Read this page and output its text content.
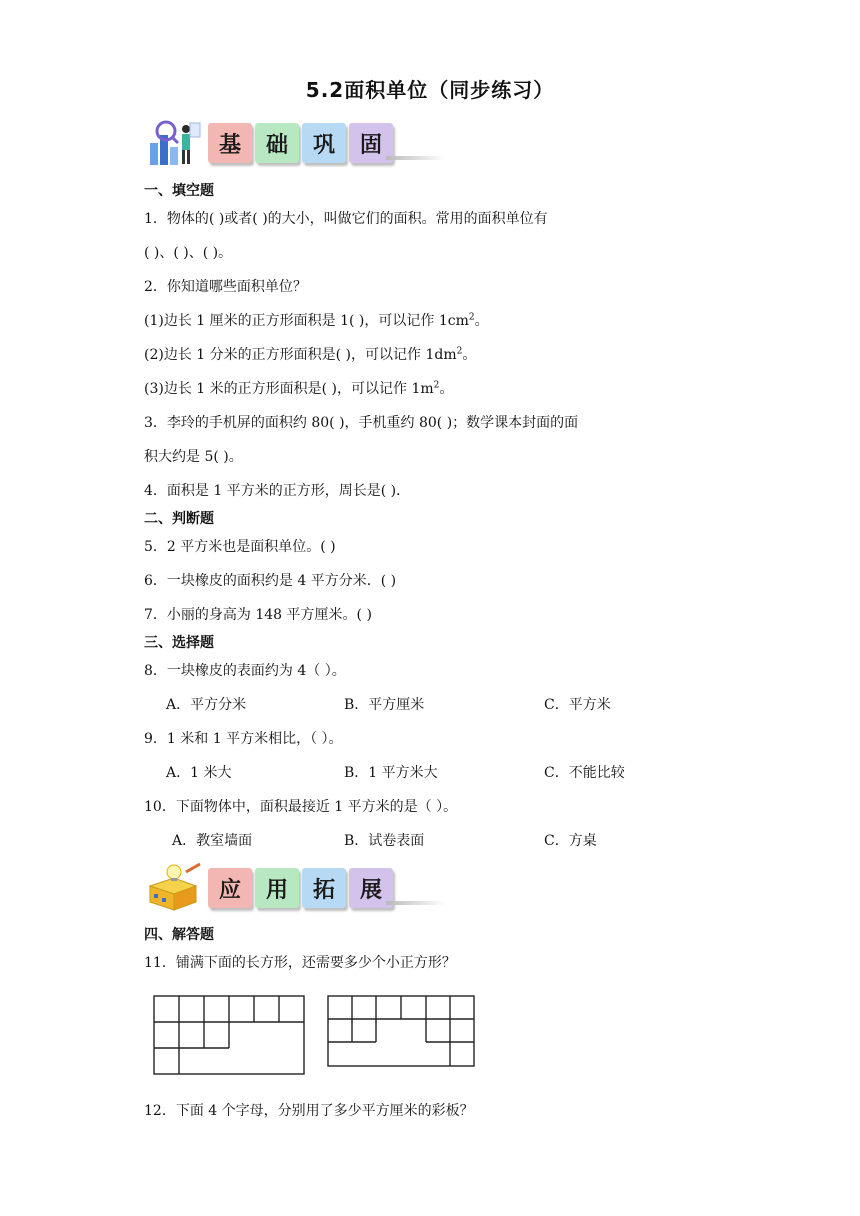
5.2面积单位（同步练习）
基	础	巩	固
一、填空题
1．物体的( )或者( )的大小，叫做它们的面积。常用的面积单位有
( )、( )、( )。
2．你知道哪些面积单位？
(1)边长 1 厘米的正方形面积是 1( )，可以记作 $1cm^2$。
(2)边长 1 分米的正方形面积是( )，可以记作 $1dm^2$。
(3)边长 1 米的正方形面积是( )，可以记作 $1m^2$。
3．李玲的手机屏的面积约 80( )，手机重约 80( )；数学课本封面的面
积大约是 5( )。
4．面积是 1 平方米的正方形，周长是( )．
二、判断题
5．2 平方米也是面积单位。( )
6．一块橡皮的面积约是 4 平方分米．( )
7．小丽的身高为 148 平方厘米。( )
三、选择题
8．一块橡皮的表面约为 4（ ）。
A．平方分米	B．平方厘米	C．平方米
9．1 米和 1 平方米相比，（ ）。
A．1 米大	B．1 平方米大	C．不能比较
10．下面物体中，面积最接近 1 平方米的是（ ）。
A．教室墙面	B．试卷表面	C．方桌
应	用	拓	展
四、解答题
11．铺满下面的长方形，还需要多少个小正方形？
12．下面 4 个字母，分别用了多少平方厘米的彩板？
